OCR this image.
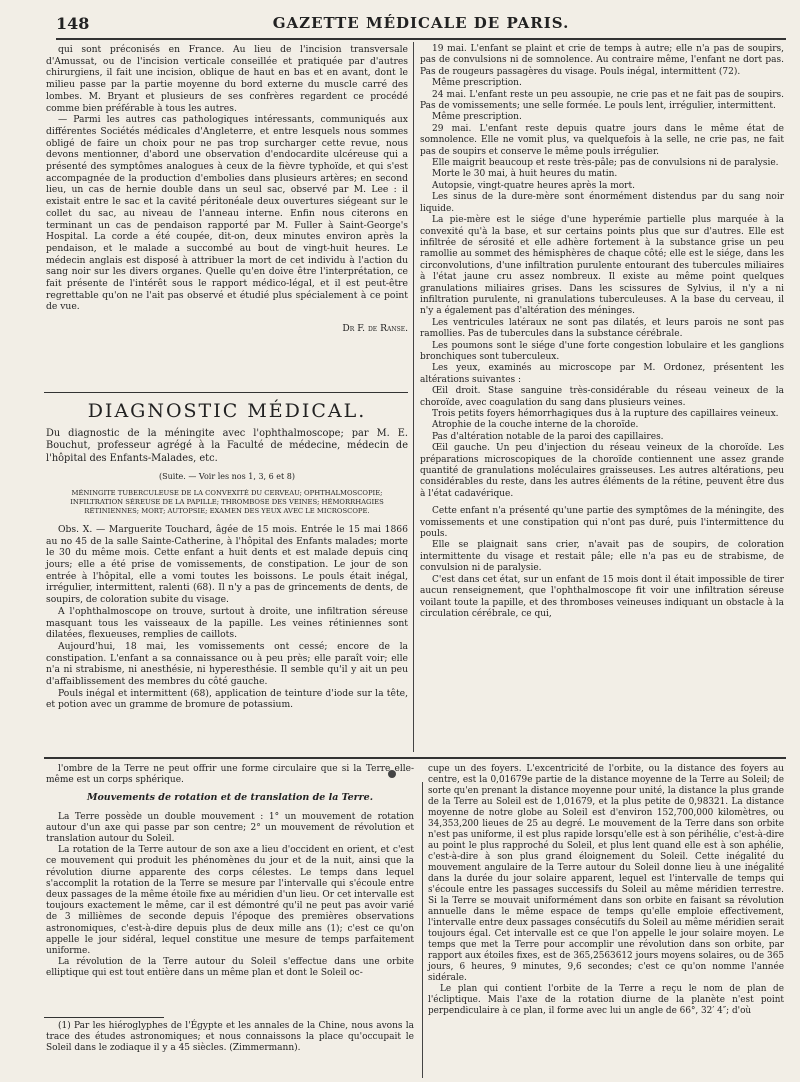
148	GAZETTE MÉDICALE DE PARIS.

qui sont préconisés en France. Au lieu de l'incision transversale d'Amussat, ou de l'incision verticale conseillée et pratiquée par d'autres chirurgiens, il fait une incision, oblique de haut en bas et en avant, dont le milieu passe par la partie moyenne du bord externe du muscle carré des lombes. M. Bryant et plusieurs de ses confrères regardent ce procédé comme bien préférable à tous les autres.

— Parmi les autres cas pathologiques intéressants, communiqués aux différentes Sociétés médicales d'Angleterre, et entre lesquels nous sommes obligé de faire un choix pour ne pas trop surcharger cette revue, nous devons mentionner, d'abord une observation d'endocardite ulcéreuse qui a présenté des symptômes analogues à ceux de la fièvre typhoïde, et qui s'est accompagnée de la production d'embolies dans plusieurs artères; en second lieu, un cas de hernie double dans un seul sac, observé par M. Lee : il existait entre le sac et la cavité péritonéale deux ouvertures siégeant sur le collet du sac, au niveau de l'anneau interne. Enfin nous citerons en terminant un cas de pendaison rapporté par M. Fuller à Saint-George's Hospital. La corde a été coupée, dit-on, deux minutes environ après la pendaison, et le malade a succombé au bout de vingt-huit heures. Le médecin anglais est disposé à attribuer la mort de cet individu à l'action du sang noir sur les divers organes. Quelle qu'en doive être l'interprétation, ce fait présente de l'intérêt sous le rapport médico-légal, et il est peut-être regrettable qu'on ne l'ait pas observé et étudié plus spécialement à ce point de vue.

Dr F. de Ranse.

DIAGNOSTIC MÉDICAL.

Du diagnostic de la méningite avec l'ophthalmoscope; par M. E. Bouchut, professeur agrégé à la Faculté de médecine, médecin de l'hôpital des Enfants-Malades, etc.

(Suite. — Voir les nos 1, 3, 6 et 8)

MÉNINGITE TUBERCULEUSE DE LA CONVEXITÉ DU CERVEAU; OPHTHALMOSCOPIE; INFILTRATION SÉREUSE DE LA PAPILLE; THROMBOSE DES VEINES; HÉMORRHAGIES RÉTINIENNES; MORT; AUTOPSIE; EXAMEN DES YEUX AVEC LE MICROSCOPE.

Obs. X. — Marguerite Touchard, âgée de 15 mois. Entrée le 15 mai 1866 au no 45 de la salle Sainte-Catherine, à l'hôpital des Enfants malades; morte le 30 du même mois. Cette enfant a huit dents et est malade depuis cinq jours; elle a été prise de vomissements, de constipation. Le jour de son entrée à l'hôpital, elle a vomi toutes les boissons. Le pouls était inégal, irrégulier, intermittent, ralenti (68). Il n'y a pas de grincements de dents, de soupirs, de coloration subite du visage.

A l'ophthalmoscope on trouve, surtout à droite, une infiltration séreuse masquant tous les vaisseaux de la papille. Les veines rétiniennes sont dilatées, flexueuses, remplies de caillots.

Aujourd'hui, 18 mai, les vomissements ont cessé; encore de la constipation. L'enfant a sa connaissance ou à peu près; elle paraît voir; elle n'a ni strabisme, ni anesthésie, ni hyperesthésie. Il semble qu'il y ait un peu d'affaiblissement des membres du côté gauche.

Pouls inégal et intermittent (68), application de teinture d'iode sur la tête, et potion avec un gramme de bromure de potassium.

19 mai. L'enfant se plaint et crie de temps à autre; elle n'a pas de soupirs, pas de convulsions ni de somnolence. Au contraire même, l'enfant ne dort pas. Pas de rougeurs passagères du visage. Pouls inégal, intermittent (72).

Même prescription.

24 mai. L'enfant reste un peu assoupie, ne crie pas et ne fait pas de soupirs. Pas de vomissements; une selle formée. Le pouls lent, irrégulier, intermittent.

Même prescription.

29 mai. L'enfant reste depuis quatre jours dans le même état de somnolence. Elle ne vomit plus, va quelquefois à la selle, ne crie pas, ne fait pas de soupirs et conserve le même pouls irrégulier.

Elle maigrit beaucoup et reste très-pâle; pas de convulsions ni de paralysie.

Morte le 30 mai, à huit heures du matin.

Autopsie, vingt-quatre heures après la mort.

Les sinus de la dure-mère sont énormément distendus par du sang noir liquide.

La pie-mère est le siége d'une hyperémie partielle plus marquée à la convexité qu'à la base, et sur certains points plus que sur d'autres. Elle est infiltrée de sérosité et elle adhère fortement à la substance grise un peu ramollie au sommet des hémisphères de chaque côté; elle est le siége, dans les circonvolutions, d'une infiltration purulente entourant des tubercules miliaires à l'état jaune cru assez nombreux. Il existe au même point quelques granulations miliaires grises. Dans les scissures de Sylvius, il n'y a ni infiltration purulente, ni granulations tuberculeuses. A la base du cerveau, il n'y a également pas d'altération des méninges.

Les ventricules latéraux ne sont pas dilatés, et leurs parois ne sont pas ramollies. Pas de tubercules dans la substance cérébrale.

Les poumons sont le siége d'une forte congestion lobulaire et les ganglions bronchiques sont tuberculeux.

Les yeux, examinés au microscope par M. Ordonez, présentent les altérations suivantes :

Œil droit. Stase sanguine très-considérable du réseau veineux de la choroïde, avec coagulation du sang dans plusieurs veines.

Trois petits foyers hémorrhagiques dus à la rupture des capillaires veineux.

Atrophie de la couche interne de la choroïde.

Pas d'altération notable de la paroi des capillaires.

Œil gauche. Un peu d'injection du réseau veineux de la choroïde. Les préparations microscopiques de la choroïde contiennent une assez grande quantité de granulations moléculaires graisseuses. Les autres altérations, peu considérables du reste, dans les autres éléments de la rétine, peuvent être dus à l'état cadavérique.

Cette enfant n'a présenté qu'une partie des symptômes de la méningite, des vomissements et une constipation qui n'ont pas duré, puis l'intermittence du pouls.

Elle se plaignait sans crier, n'avait pas de soupirs, de coloration intermittente du visage et restait pâle; elle n'a pas eu de strabisme, de convulsion ni de paralysie.

C'est dans cet état, sur un enfant de 15 mois dont il était impossible de tirer aucun renseignement, que l'ophthalmoscope fit voir une infiltration séreuse voilant toute la papille, et des thromboses veineuses indiquant un obstacle à la circulation cérébrale, ce qui,

l'ombre de la Terre ne peut offrir une forme circulaire que si la Terre elle-même est un corps sphérique.

Mouvements de rotation et de translation de la Terre.

La Terre possède un double mouvement : 1° un mouvement de rotation autour d'un axe qui passe par son centre; 2° un mouvement de révolution et translation autour du Soleil.

La rotation de la Terre autour de son axe a lieu d'occident en orient, et c'est ce mouvement qui produit les phénomènes du jour et de la nuit, ainsi que la révolution diurne apparente des corps célestes. Le temps dans lequel s'accomplit la rotation de la Terre se mesure par l'intervalle qui s'écoule entre deux passages de la même étoile fixe au méridien d'un lieu. Or cet intervalle est toujours exactement le même, car il est démontré qu'il ne peut pas avoir varié de 3 millièmes de seconde depuis l'époque des premières observations astronomiques, c'est-à-dire depuis plus de deux mille ans (1); c'est ce qu'on appelle le jour sidéral, lequel constitue une mesure de temps parfaitement uniforme.

La révolution de la Terre autour du Soleil s'effectue dans une orbite elliptique qui est tout entière dans un même plan et dont le Soleil oc-

(1) Par les hiéroglyphes de l'Égypte et les annales de la Chine, nous avons la trace des études astronomiques; et nous connaissons la place qu'occupait le Soleil dans le zodiaque il y a 45 siècles. (Zimmermann).

cupe un des foyers. L'excentricité de l'orbite, ou la distance des foyers au centre, est la 0,01679e partie de la distance moyenne de la Terre au Soleil; de sorte qu'en prenant la distance moyenne pour unité, la distance la plus grande de la Terre au Soleil est de 1,01679, et la plus petite de 0,98321. La distance moyenne de notre globe au Soleil est d'environ 152,700,000 kilomètres, ou 34,353,200 lieues de 25 au degré. Le mouvement de la Terre dans son orbite n'est pas uniforme, il est plus rapide lorsqu'elle est à son périhélie, c'est-à-dire au point le plus rapproché du Soleil, et plus lent quand elle est à son aphélie, c'est-à-dire à son plus grand éloignement du Soleil. Cette inégalité du mouvement angulaire de la Terre autour du Soleil donne lieu à une inégalité dans la durée du jour solaire apparent, lequel est l'intervalle de temps qui s'écoule entre les passages successifs du Soleil au même méridien terrestre. Si la Terre se mouvait uniformément dans son orbite en faisant sa révolution annuelle dans le même espace de temps qu'elle emploie effectivement, l'intervalle entre deux passages consécutifs du Soleil au même méridien serait toujours égal. Cet intervalle est ce que l'on appelle le jour solaire moyen. Le temps que met la Terre pour accomplir une révolution dans son orbite, par rapport aux étoiles fixes, est de 365,2563612 jours moyens solaires, ou de 365 jours, 6 heures, 9 minutes, 9,6 secondes; c'est ce qu'on nomme l'année sidérale.

Le plan qui contient l'orbite de la Terre a reçu le nom de plan de l'écliptique. Mais l'axe de la rotation diurne de la planète n'est point perpendiculaire à ce plan, il forme avec lui un angle de 66°, 32′ 4″; d'où
